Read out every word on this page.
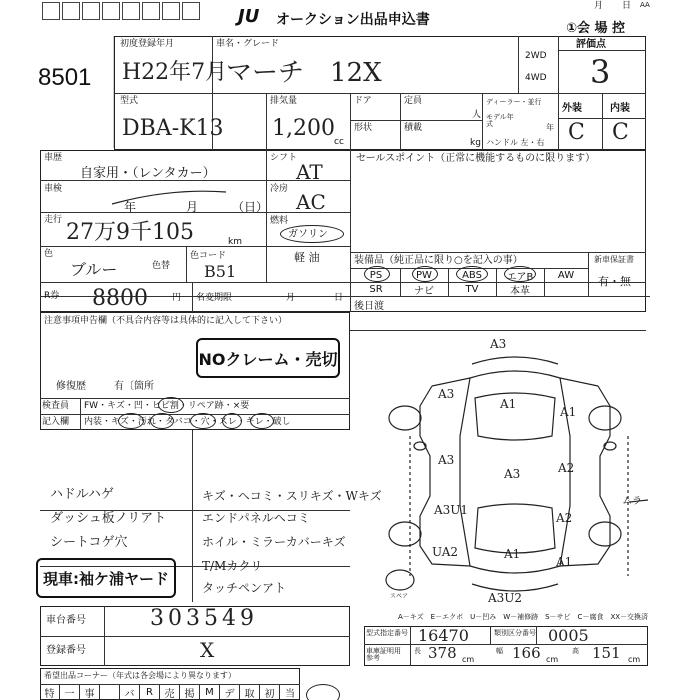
JU オークション出品申込書
月 日 AA
①会 場 控
8501
初度登録年月
H22年7月
車名・グレード
マーチ　12X
2WD
4WD
評価点
3
型式
DBA-K13
排気量
1,200
cc
ドア	定員
人
形状	積載
kg
ディーラー・並行
モデル年式	年
ハンドル 左・右
外装	内装
C C
車歴
自家用・（レンタカー）
シフト
AT
セールスポイント（正常に機能するものに限ります）
車検
年	月	（日）
冷房
AC
走行 27万9千105	km
燃料
ガソリン
軽 油
色
ブルー	色替
色コード
B51
装備品（純正品に限り○を記入の事）	新車保証書
有・無
PS	PW	ABS	エアB	AW
SR	ナビ	TV	本革
R券 8800	円 名変期限	月	日
後日渡
注意事項申告欄（不具合内容等は具体的に記入して下さい）
NOクレーム・売切
修復歴	有〔箇所
検査員 FW・キズ・凹・ヒビ割・リペア跡・×要
記入欄 内装・キズ・汚れ・タバコ・穴・スレ・キレ・破し
ハドルハゲ
ダッシュ板ノリアト
シートコゲ穴
キズ・ヘコミ・スリキズ・Wキズ
エンドパネルヘコミ
ホイル・ミラーカバーキズ
T/Mカクリ
タッチペンアト
現車:袖ケ浦ヤード
A3
A3
A1
A1
A3
A3	A2
A3U1
A2
UA2	A1
A1
A3U2
ムラ
スペア
A－キズ　E－エクボ　U－凹み　W－補修跡　S－サビ　C－腐食　XX－交換済
車台番号	303549
登録番号	X
型式指定番号 16470	類別区分番号 0005
車庫証明用 参考
長 378 cm
幅 166 cm
高 151 cm
希望出品コーナー（年式は各会場により異なります）
特	一	事	バ	R	売	掲	M	デ	取	初	当
